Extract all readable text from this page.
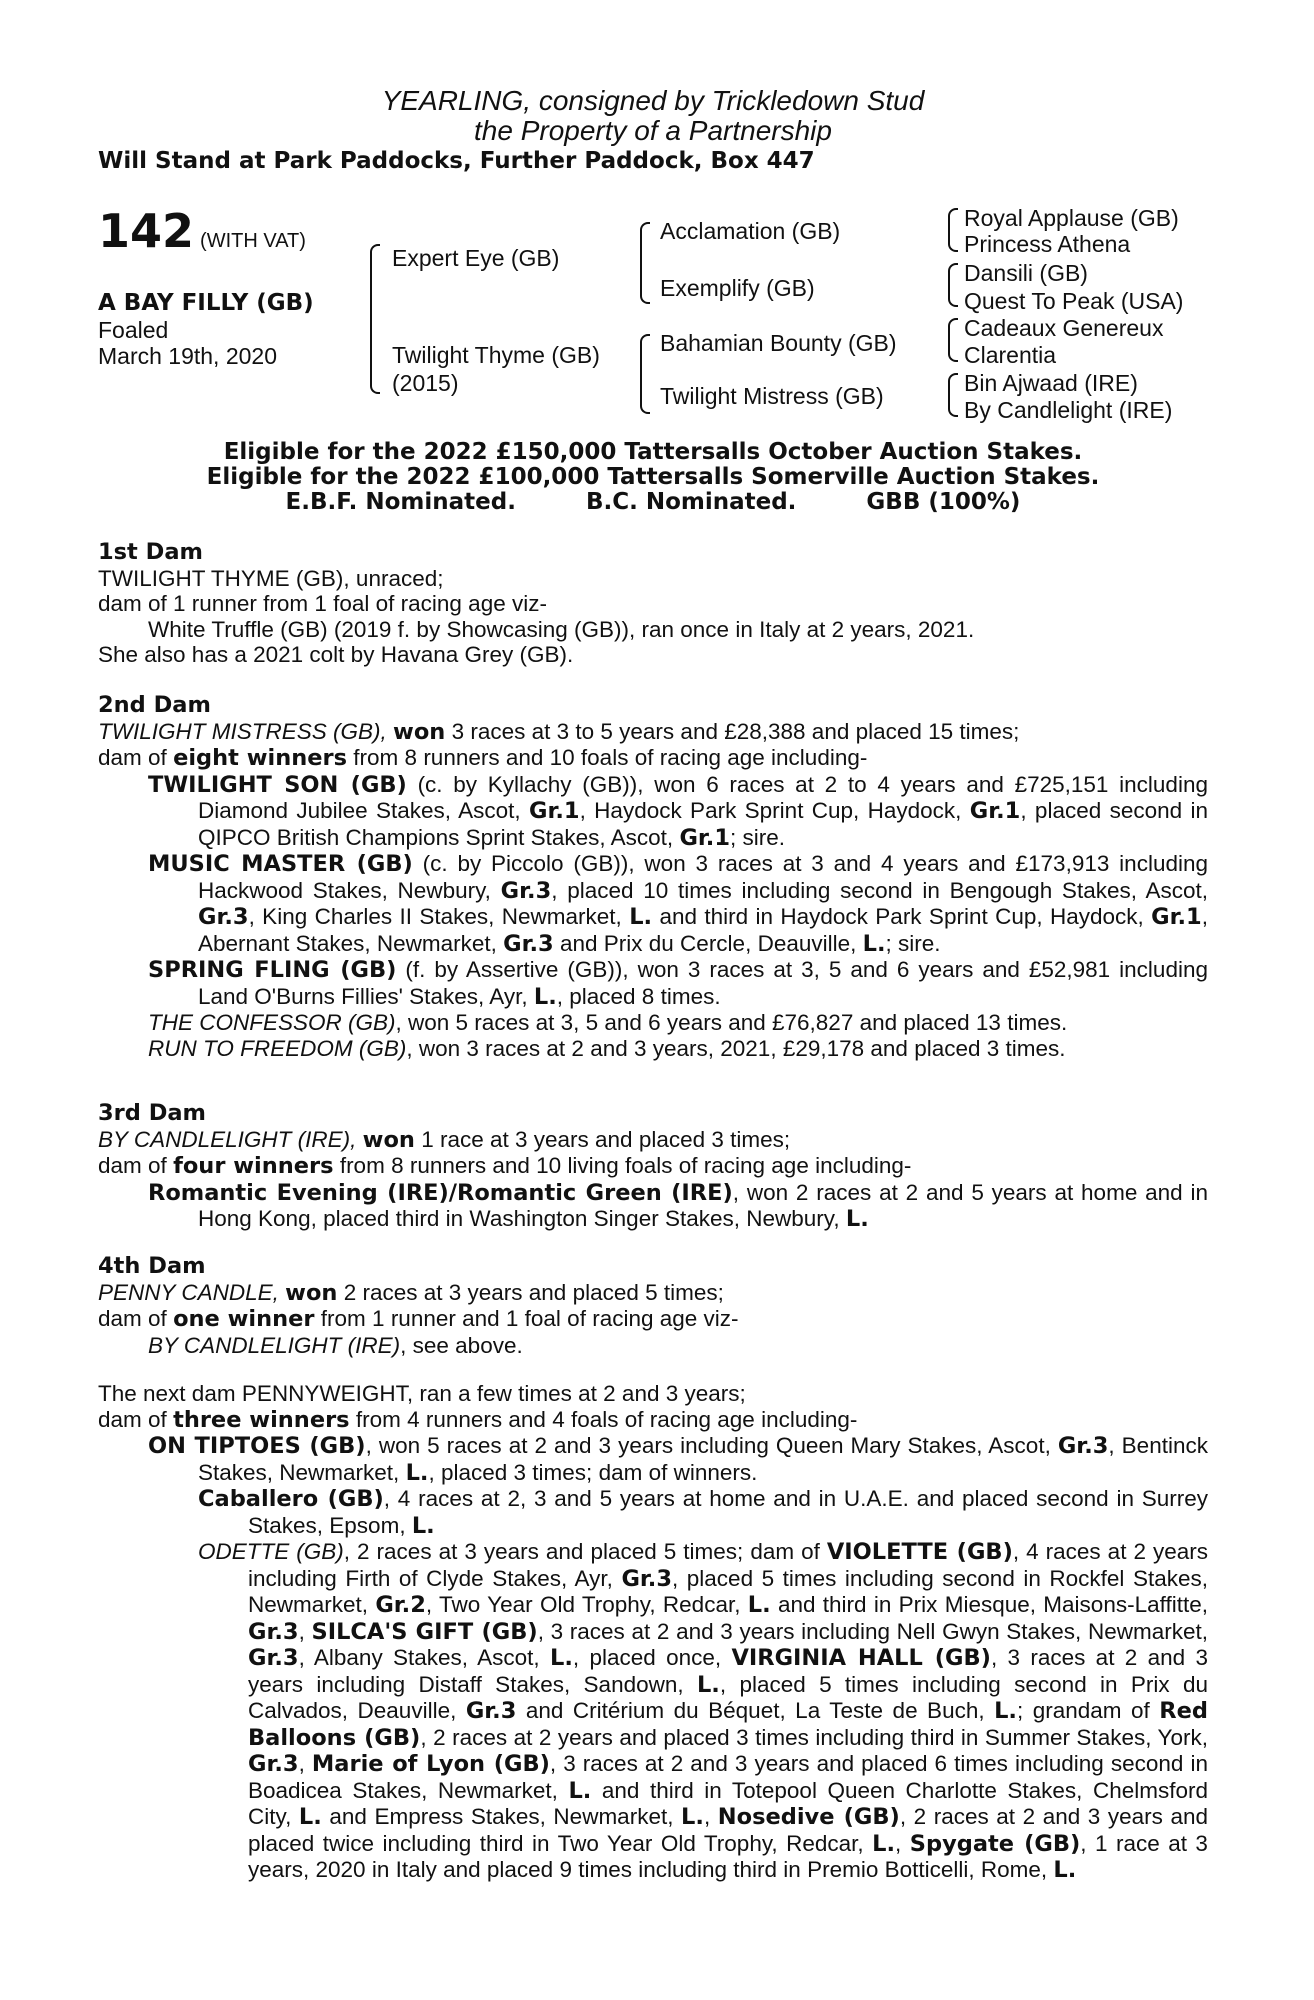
YEARLING, consigned by Trickledown Stud
the Property of a Partnership
Will Stand at Park Paddocks, Further Paddock, Box 447
142 (WITH VAT)
A BAY FILLY (GB)
Foaled
March 19th, 2020
Expert Eye (GB)
Twilight Thyme (GB)
(2015)
Acclamation (GB)
Exemplify (GB)
Bahamian Bounty (GB)
Twilight Mistress (GB)
Royal Applause (GB)
Princess Athena
Dansili (GB)
Quest To Peak (USA)
Cadeaux Genereux
Clarentia
Bin Ajwaad (IRE)
By Candlelight (IRE)
Eligible for the 2022 £150,000 Tattersalls October Auction Stakes.
Eligible for the 2022 £100,000 Tattersalls Somerville Auction Stakes.
E.B.F. Nominated.	B.C. Nominated.	GBB (100%)
1st Dam
TWILIGHT THYME (GB), unraced;
dam of 1 runner from 1 foal of racing age viz-
White Truffle (GB) (2019 f. by Showcasing (GB)), ran once in Italy at 2 years, 2021.
She also has a 2021 colt by Havana Grey (GB).
2nd Dam
TWILIGHT MISTRESS (GB), won 3 races at 3 to 5 years and £28,388 and placed 15 times;
dam of eight winners from 8 runners and 10 foals of racing age including-
TWILIGHT SON (GB) (c. by Kyllachy (GB)), won 6 races at 2 to 4 years and £725,151 including Diamond Jubilee Stakes, Ascot, Gr.1, Haydock Park Sprint Cup, Haydock, Gr.1, placed second in QIPCO British Champions Sprint Stakes, Ascot, Gr.1; sire.
MUSIC MASTER (GB) (c. by Piccolo (GB)), won 3 races at 3 and 4 years and £173,913 including Hackwood Stakes, Newbury, Gr.3, placed 10 times including second in Bengough Stakes, Ascot, Gr.3, King Charles II Stakes, Newmarket, L. and third in Haydock Park Sprint Cup, Haydock, Gr.1, Abernant Stakes, Newmarket, Gr.3 and Prix du Cercle, Deauville, L.; sire.
SPRING FLING (GB) (f. by Assertive (GB)), won 3 races at 3, 5 and 6 years and £52,981 including Land O'Burns Fillies' Stakes, Ayr, L., placed 8 times.
THE CONFESSOR (GB), won 5 races at 3, 5 and 6 years and £76,827 and placed 13 times.
RUN TO FREEDOM (GB), won 3 races at 2 and 3 years, 2021, £29,178 and placed 3 times.
3rd Dam
BY CANDLELIGHT (IRE), won 1 race at 3 years and placed 3 times;
dam of four winners from 8 runners and 10 living foals of racing age including-
Romantic Evening (IRE)/Romantic Green (IRE), won 2 races at 2 and 5 years at home and in Hong Kong, placed third in Washington Singer Stakes, Newbury, L.
4th Dam
PENNY CANDLE, won 2 races at 3 years and placed 5 times;
dam of one winner from 1 runner and 1 foal of racing age viz-
BY CANDLELIGHT (IRE), see above.
The next dam PENNYWEIGHT, ran a few times at 2 and 3 years;
dam of three winners from 4 runners and 4 foals of racing age including-
ON TIPTOES (GB), won 5 races at 2 and 3 years including Queen Mary Stakes, Ascot, Gr.3, Bentinck Stakes, Newmarket, L., placed 3 times; dam of winners.
Caballero (GB), 4 races at 2, 3 and 5 years at home and in U.A.E. and placed second in Surrey Stakes, Epsom, L.
ODETTE (GB), 2 races at 3 years and placed 5 times; dam of VIOLETTE (GB), 4 races at 2 years including Firth of Clyde Stakes, Ayr, Gr.3, placed 5 times including second in Rockfel Stakes, Newmarket, Gr.2, Two Year Old Trophy, Redcar, L. and third in Prix Miesque, Maisons-Laffitte, Gr.3, SILCA'S GIFT (GB), 3 races at 2 and 3 years including Nell Gwyn Stakes, Newmarket, Gr.3, Albany Stakes, Ascot, L., placed once, VIRGINIA HALL (GB), 3 races at 2 and 3 years including Distaff Stakes, Sandown, L., placed 5 times including second in Prix du Calvados, Deauville, Gr.3 and Critérium du Béquet, La Teste de Buch, L.; grandam of Red Balloons (GB), 2 races at 2 years and placed 3 times including third in Summer Stakes, York, Gr.3, Marie of Lyon (GB), 3 races at 2 and 3 years and placed 6 times including second in Boadicea Stakes, Newmarket, L. and third in Totepool Queen Charlotte Stakes, Chelmsford City, L. and Empress Stakes, Newmarket, L., Nosedive (GB), 2 races at 2 and 3 years and placed twice including third in Two Year Old Trophy, Redcar, L., Spygate (GB), 1 race at 3 years, 2020 in Italy and placed 9 times including third in Premio Botticelli, Rome, L.
